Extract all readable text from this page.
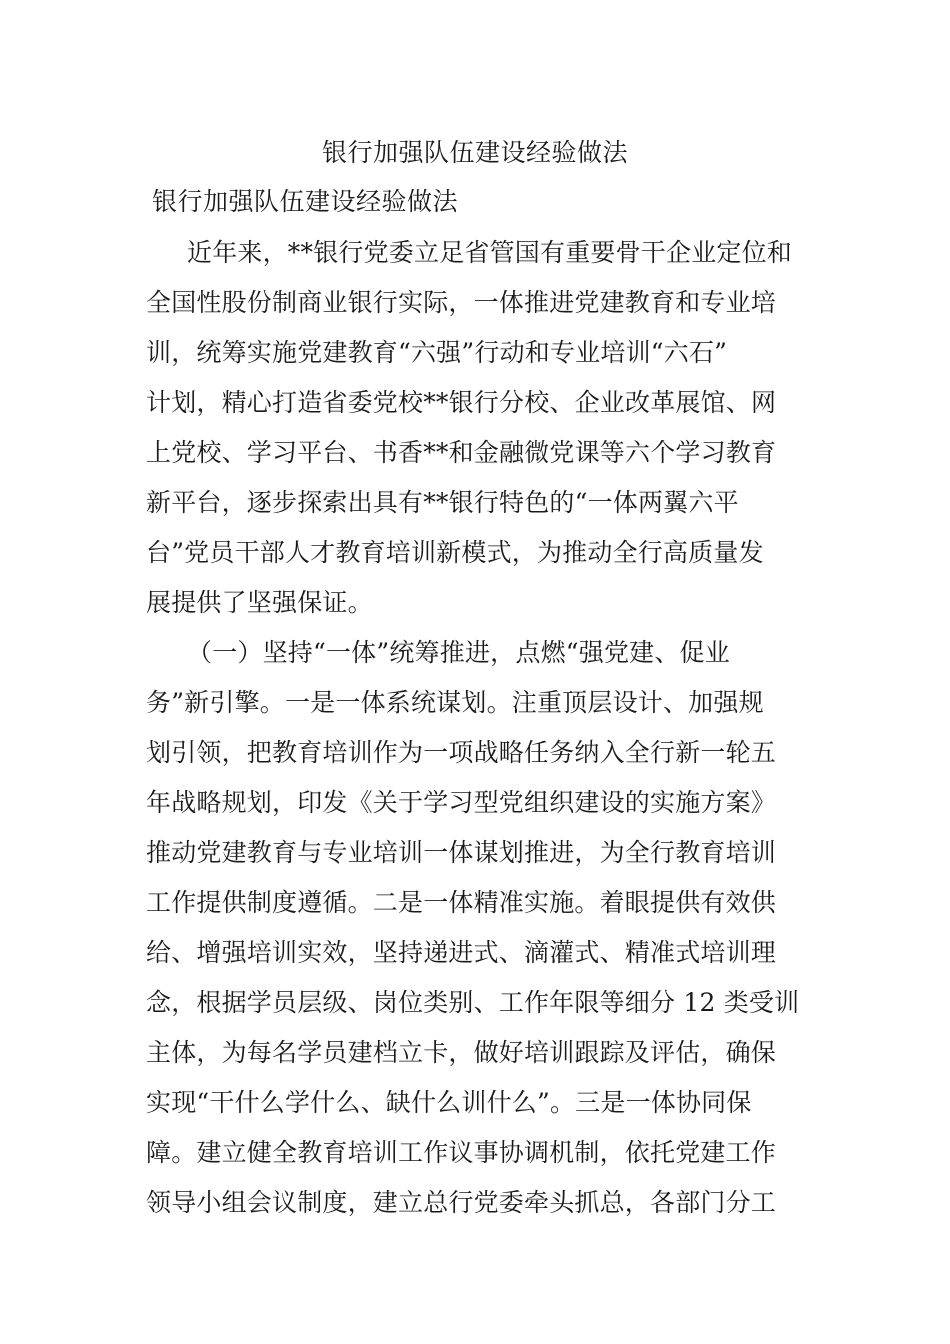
银行加强队伍建设经验做法
银行加强队伍建设经验做法
近年来，**银行党委立足省管国有重要骨干企业定位和
全国性股份制商业银行实际，一体推进党建教育和专业培
训，统筹实施党建教育“六强”行动和专业培训“六石”
计划，精心打造省委党校**银行分校、企业改革展馆、网
上党校、学习平台、书香**和金融微党课等六个学习教育
新平台，逐步探索出具有**银行特色的“一体两翼六平
台”党员干部人才教育培训新模式，为推动全行高质量发
展提供了坚强保证。
（一）坚持“一体”统筹推进，点燃“强党建、促业
务”新引擎。一是一体系统谋划。注重顶层设计、加强规
划引领，把教育培训作为一项战略任务纳入全行新一轮五
年战略规划，印发《关于学习型党组织建设的实施方案》
推动党建教育与专业培训一体谋划推进，为全行教育培训
工作提供制度遵循。二是一体精准实施。着眼提供有效供
给、增强培训实效，坚持递进式、滴灌式、精准式培训理
念，根据学员层级、岗位类别、工作年限等细分 12 类受训
主体，为每名学员建档立卡，做好培训跟踪及评估，确保
实现“干什么学什么、缺什么训什么”。三是一体协同保
障。建立健全教育培训工作议事协调机制，依托党建工作
领导小组会议制度，建立总行党委牵头抓总，各部门分工
